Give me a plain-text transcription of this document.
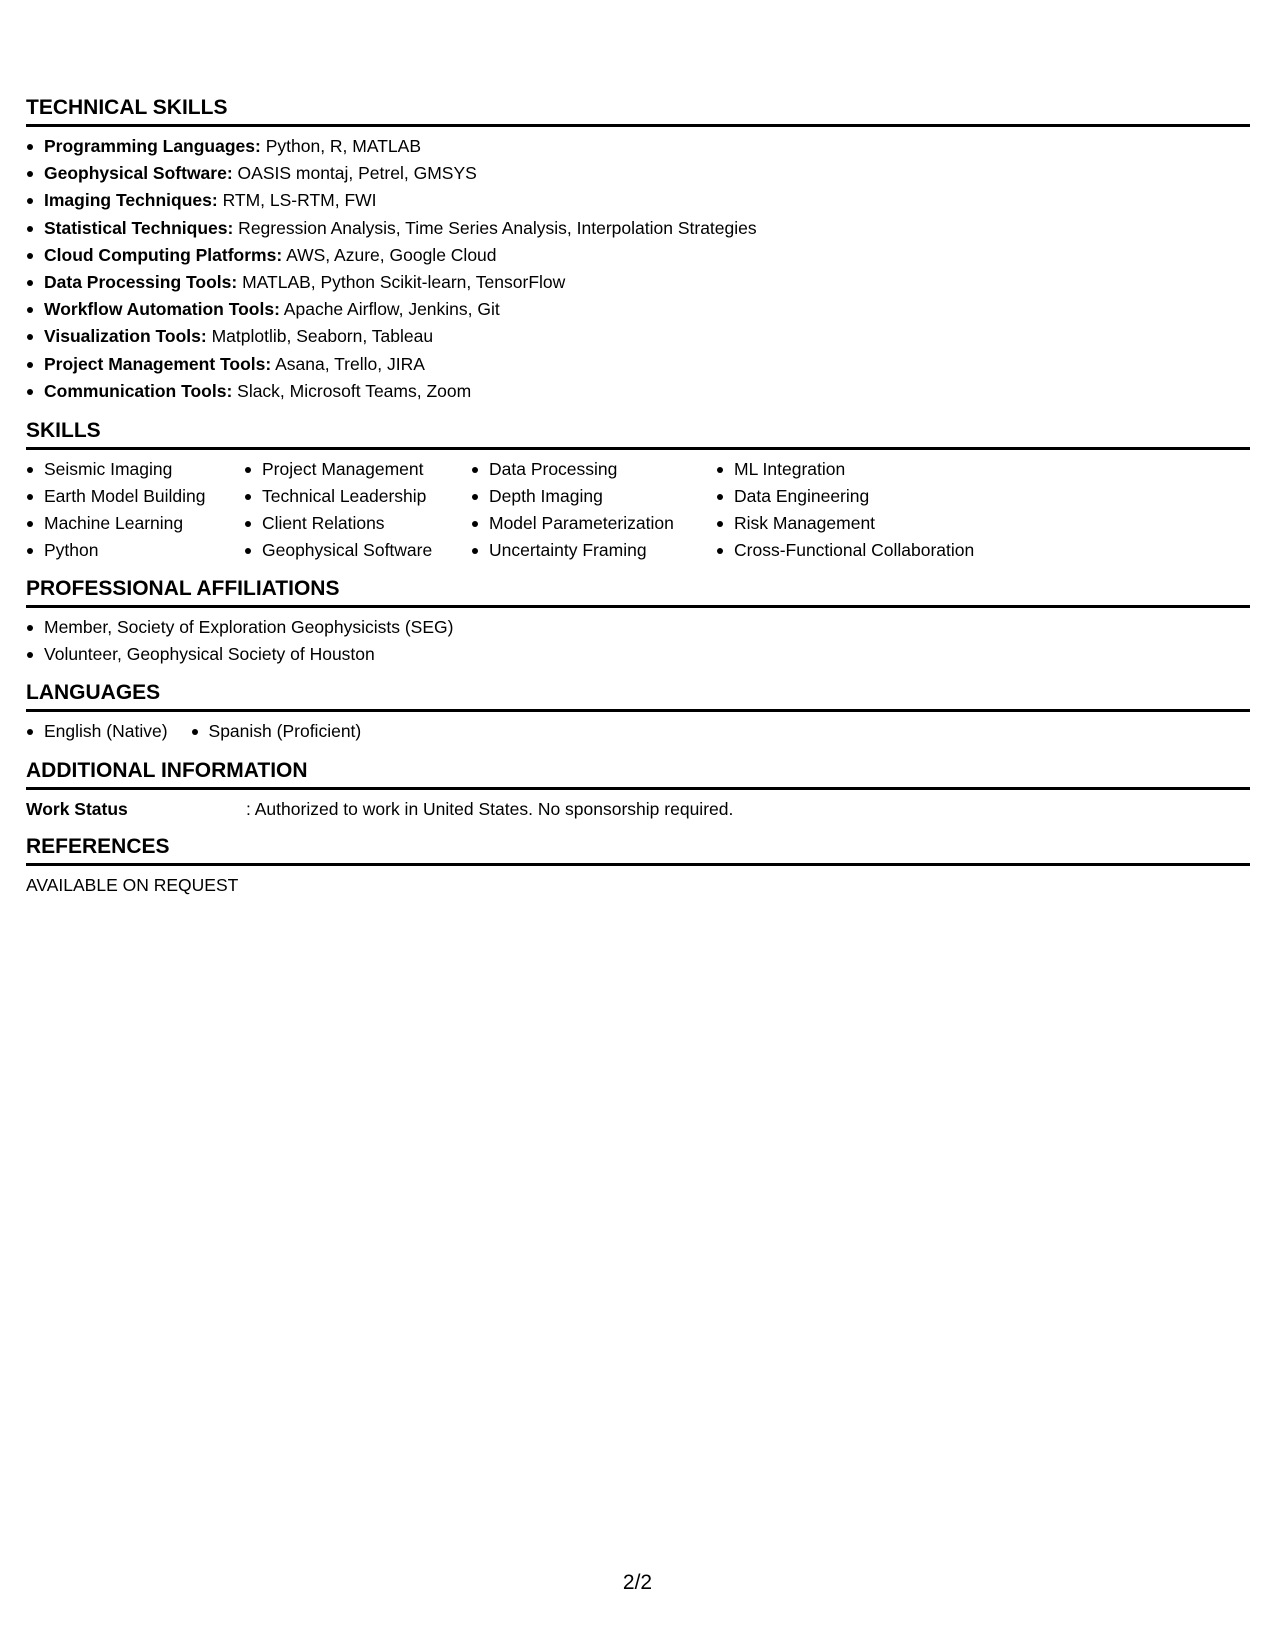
TECHNICAL SKILLS
Programming Languages: Python, R, MATLAB
Geophysical Software: OASIS montaj, Petrel, GMSYS
Imaging Techniques: RTM, LS-RTM, FWI
Statistical Techniques: Regression Analysis, Time Series Analysis, Interpolation Strategies
Cloud Computing Platforms: AWS, Azure, Google Cloud
Data Processing Tools: MATLAB, Python Scikit-learn, TensorFlow
Workflow Automation Tools: Apache Airflow, Jenkins, Git
Visualization Tools: Matplotlib, Seaborn, Tableau
Project Management Tools: Asana, Trello, JIRA
Communication Tools: Slack, Microsoft Teams, Zoom
SKILLS
Seismic Imaging
Earth Model Building
Machine Learning
Python
Project Management
Technical Leadership
Client Relations
Geophysical Software
Data Processing
Depth Imaging
Model Parameterization
Uncertainty Framing
ML Integration
Data Engineering
Risk Management
Cross-Functional Collaboration
PROFESSIONAL AFFILIATIONS
Member, Society of Exploration Geophysicists (SEG)
Volunteer, Geophysical Society of Houston
LANGUAGES
English (Native)	Spanish (Proficient)
ADDITIONAL INFORMATION
Work Status	: Authorized to work in United States. No sponsorship required.
REFERENCES
AVAILABLE ON REQUEST
2/2
